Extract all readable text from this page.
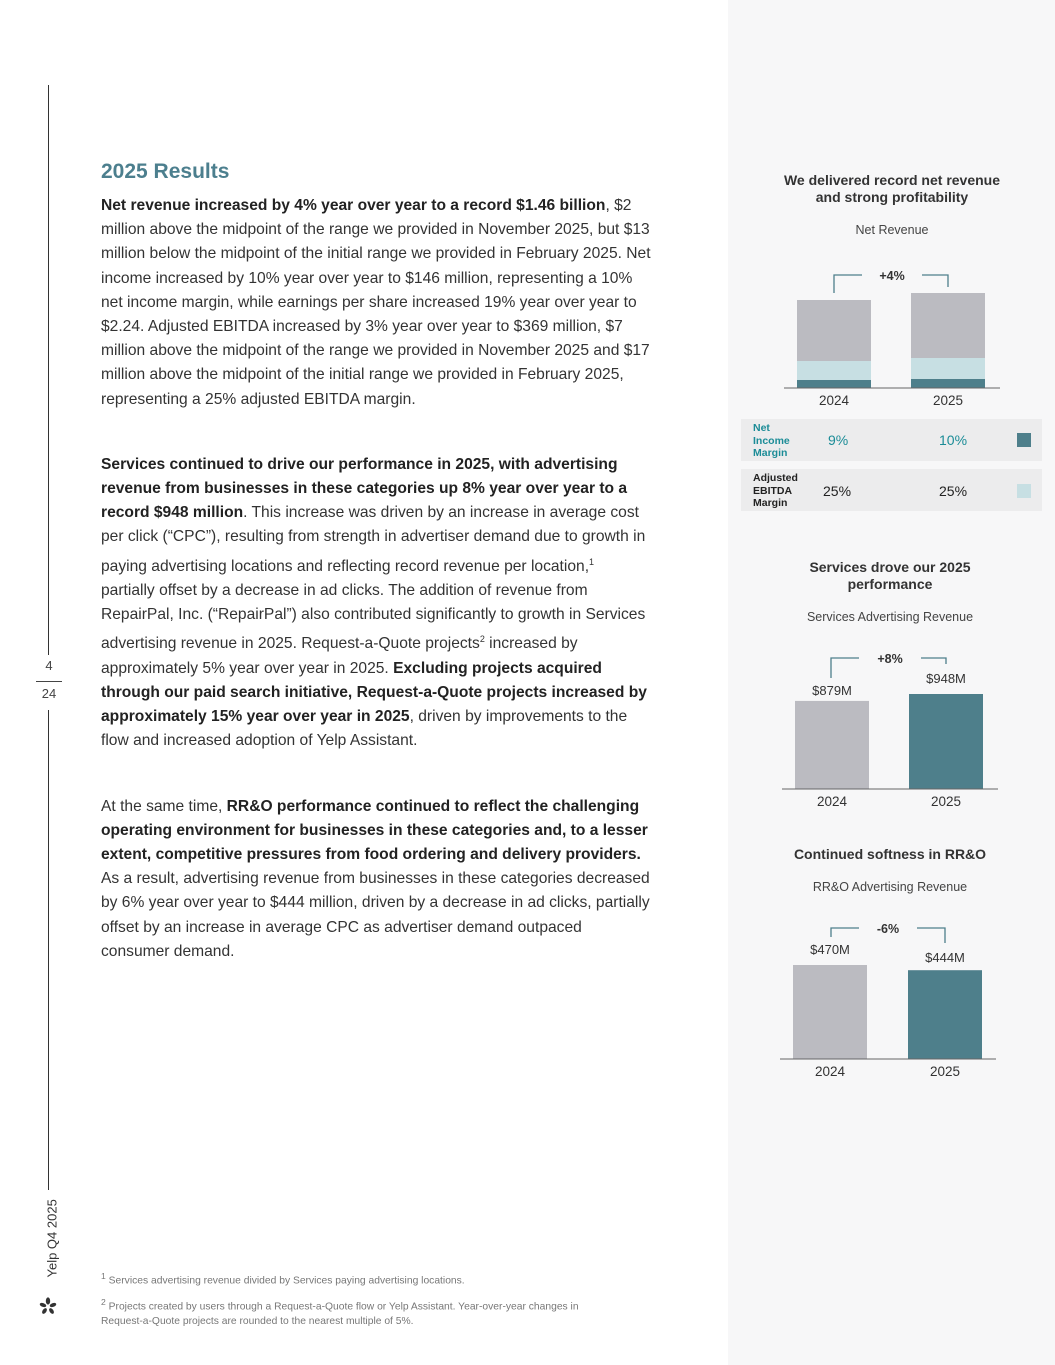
4
24
Yelp Q4 2025
2025 Results

Net revenue increased by 4% year over year to a record $1.46 billion, $2 million above the midpoint of the range we provided in November 2025, but $13 million below the midpoint of the initial range we provided in February 2025. Net income increased by 10% year over year to $146 million, representing a 10% net income margin, while earnings per share increased 19% year over year to $2.24. Adjusted EBITDA increased by 3% year over year to $369 million, $7 million above the midpoint of the range we provided in November 2025 and $17 million above the midpoint of the initial range we provided in February 2025, representing a 25% adjusted EBITDA margin.

Services continued to drive our performance in 2025, with advertising revenue from businesses in these categories up 8% year over year to a record $948 million. This increase was driven by an increase in average cost per click (“CPC”), resulting from strength in advertiser demand due to growth in paying advertising locations and reflecting record revenue per location,$^1$ partially offset by a decrease in ad clicks. The addition of revenue from RepairPal, Inc. (“RepairPal”) also contributed significantly to growth in Services advertising revenue in 2025. Request-a-Quote projects$^2$ increased by approximately 5% year over year in 2025. Excluding projects acquired through our paid search initiative, Request-a-Quote projects increased by approximately 15% year over year in 2025, driven by improvements to the flow and increased adoption of Yelp Assistant.

At the same time, RR&O performance continued to reflect the challenging operating environment for businesses in these categories and, to a lesser extent, competitive pressures from food ordering and delivery providers. As a result, advertising revenue from businesses in these categories decreased by 6% year over year to $444 million, driven by a decrease in ad clicks, partially offset by an increase in average CPC as advertiser demand outpaced consumer demand.

$^1$ Services advertising revenue divided by Services paying advertising locations.

$^2$ Projects created by users through a Request-a-Quote flow or Yelp Assistant. Year-over-year changes in Request-a-Quote projects are rounded to the nearest multiple of 5%.

We delivered record net revenue
and strong profitability
Net Revenue
+4%
2024	2025
Net
Income
Margin
9%	10%
Adjusted
EBITDA
Margin
25%	25%
Services drove our 2025
performance
Services Advertising Revenue
+8%
$879M
$948M
2024	2025
Continued softness in RR&O
RR&O Advertising Revenue
-6%
$470M
$444M
2024	2025
